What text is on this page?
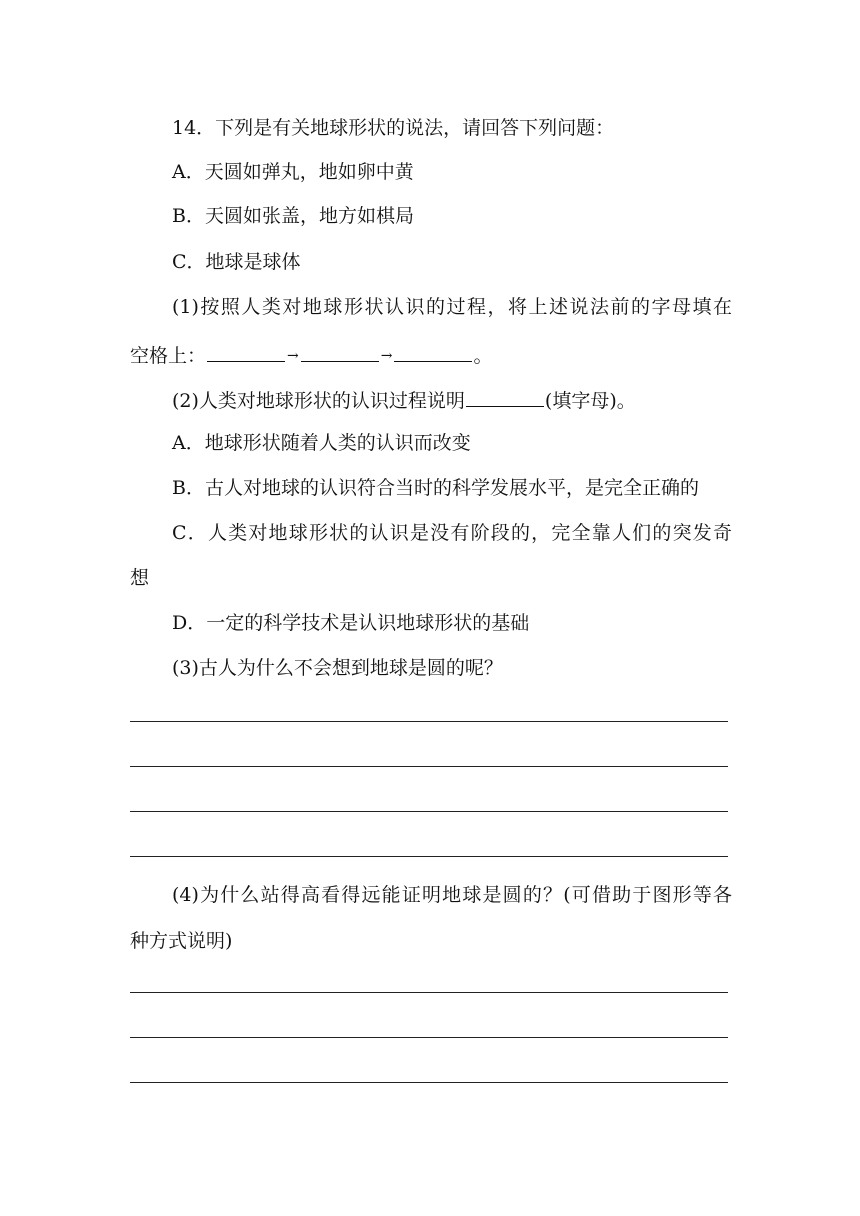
14．下列是有关地球形状的说法，请回答下列问题：
A．天圆如弹丸，地如卵中黄
B．天圆如张盖，地方如棋局
C．地球是球体
(1)按照人类对地球形状认识的过程，将上述说法前的字母填在
空格上：	→	→	。
(2)人类对地球形状的认识过程说明	(填字母)。
A．地球形状随着人类的认识而改变
B．古人对地球的认识符合当时的科学发展水平，是完全正确的
C．人类对地球形状的认识是没有阶段的，完全靠人们的突发奇
想
D．一定的科学技术是认识地球形状的基础
(3)古人为什么不会想到地球是圆的呢？
(4)为什么站得高看得远能证明地球是圆的？(可借助于图形等各
种方式说明)
